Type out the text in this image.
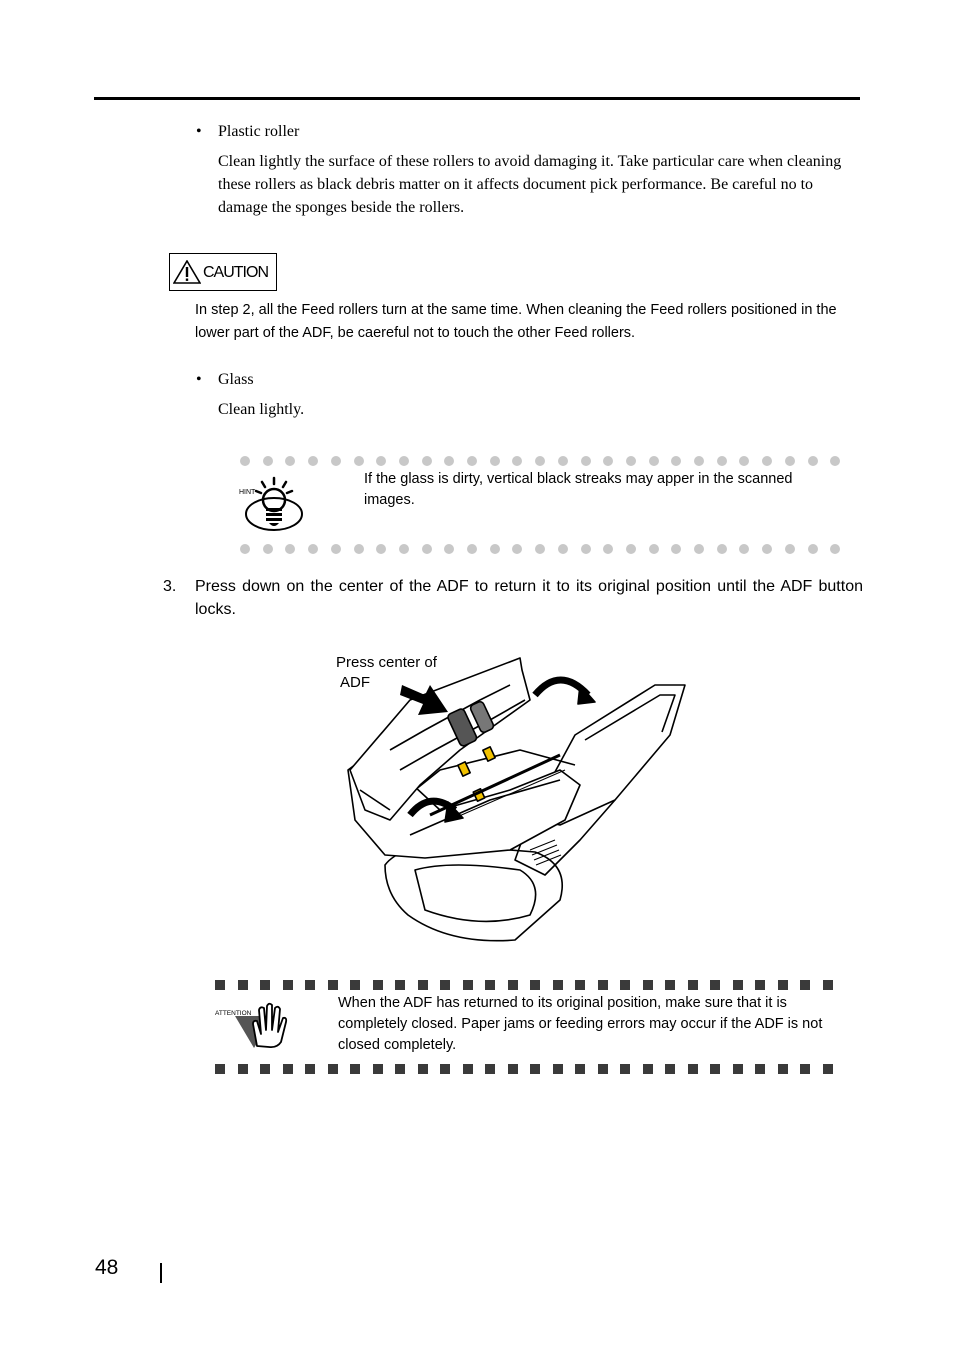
• Plastic roller
Clean lightly the surface of these rollers to avoid damaging it. Take particular care when cleaning these rollers as black debris matter on it affects document pick performance. Be careful no to damage the sponges beside the rollers.
CAUTION
In step 2, all the Feed rollers turn at the same time. When cleaning the Feed rollers positioned in the lower part of the ADF, be caereful not to touch the other Feed rollers.
• Glass
Clean lightly.
HINT
If the glass is dirty, vertical black streaks may apper in the scanned images.
3. Press down on the center of the ADF to return it to its original position until the ADF button locks.
Press center of
ADF
ATTENTION
When the ADF has returned to its original position, make sure that it is completely closed. Paper jams or feeding errors may occur if the ADF is not closed completely.
48
